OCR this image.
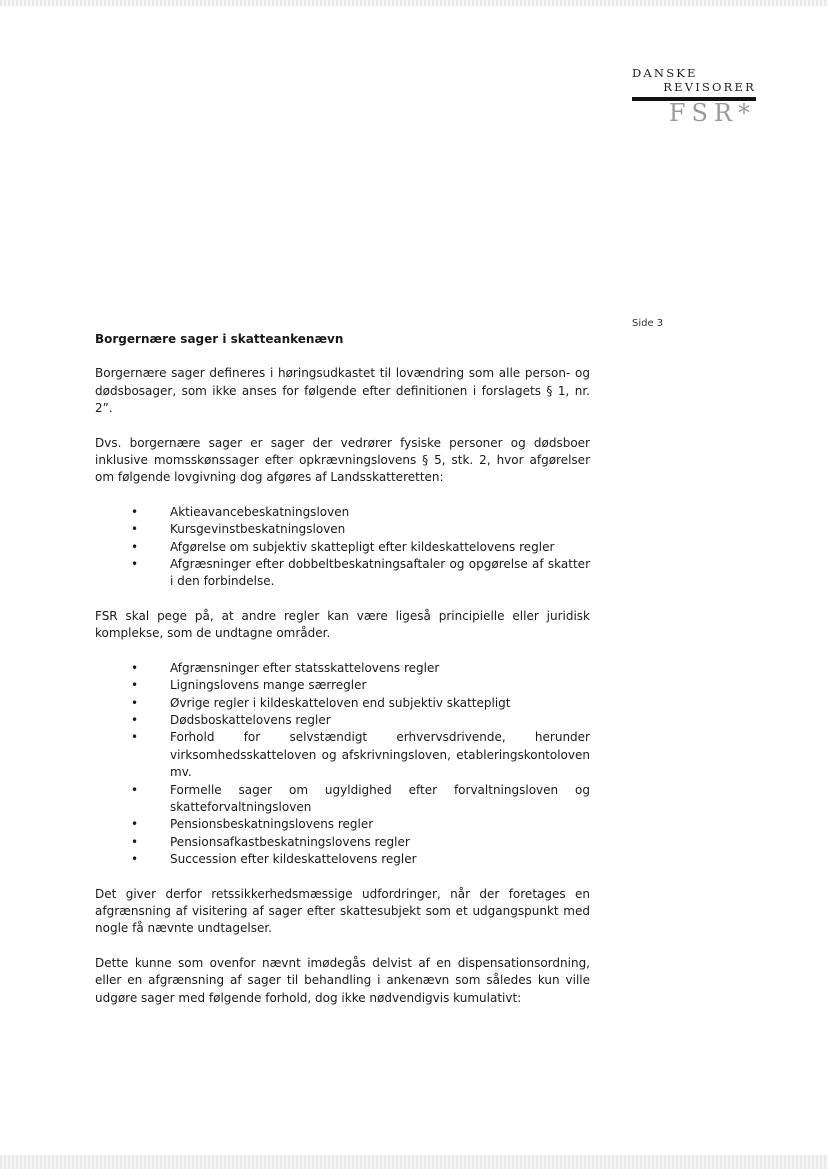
DANSKE
REVISORER
FSR*
Side 3
Borgernære sager i skatteankenævn

Borgernære sager defineres i høringsudkastet til lovændring som alle person- og dødsbosager, som ikke anses for følgende efter definitionen i forslagets § 1, nr. 2”.

Dvs. borgernære sager er sager der vedrører fysiske personer og dødsboer inklusive momsskønssager efter opkrævningslovens § 5, stk. 2, hvor afgørelser om følgende lovgivning dog afgøres af Landsskatteretten:

•	Aktieavancebeskatningsloven
•	Kursgevinstbeskatningsloven
•	Afgørelse om subjektiv skattepligt efter kildeskattelovens regler
•	Afgræsninger efter dobbeltbeskatningsaftaler og opgørelse af skatter i den forbindelse.

FSR skal pege på, at andre regler kan være ligeså principielle eller juridisk komplekse, som de undtagne områder.

•	Afgrænsninger efter statsskattelovens regler
•	Ligningslovens mange særregler
•	Øvrige regler i kildeskatteloven end subjektiv skattepligt
•	Dødsboskattelovens regler
•	Forhold for selvstændigt erhvervsdrivende, herunder virksomhedsskatteloven og afskrivningsloven, etableringskontoloven mv.
•	Formelle sager om ugyldighed efter forvaltningsloven og skatteforvaltningsloven
•	Pensionsbeskatningslovens regler
•	Pensionsafkastbeskatningslovens regler
•	Succession efter kildeskattelovens regler

Det giver derfor retssikkerhedsmæssige udfordringer, når der foretages en afgrænsning af visitering af sager efter skattesubjekt som et udgangspunkt med nogle få nævnte undtagelser.

Dette kunne som ovenfor nævnt imødegås delvist af en dispensationsordning, eller en afgrænsning af sager til behandling i ankenævn som således kun ville udgøre sager med følgende forhold, dog ikke nødvendigvis kumulativt:
